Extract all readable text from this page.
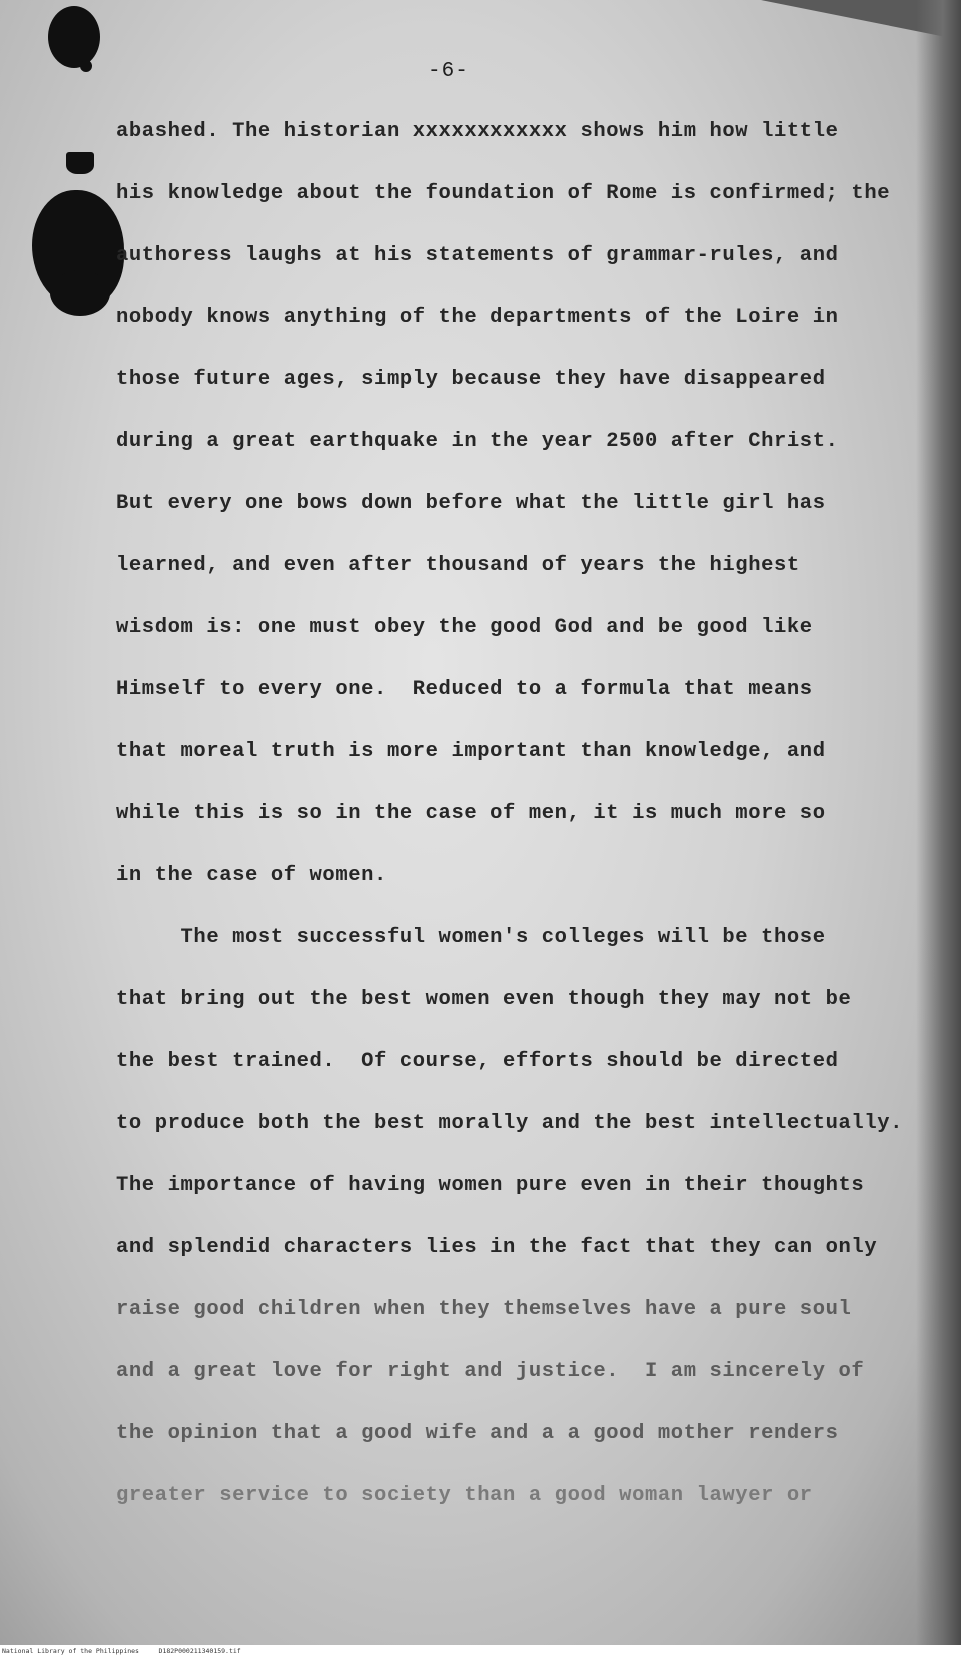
-6-
abashed. The historian xxxxxxxxxxxx shows him how little
his knowledge about the foundation of Rome is confirmed; the
authoress laughs at his statements of grammar-rules, and
nobody knows anything of the departments of the Loire in
those future ages, simply because they have disappeared
during a great earthquake in the year 2500 after Christ.
But every one bows down before what the little girl has
learned, and even after thousand of years the highest
wisdom is: one must obey the good God and be good like
Himself to every one.  Reduced to a formula that means
that moreal truth is more important than knowledge, and
while this is so in the case of men, it is much more so
in the case of women.
The most successful women's colleges will be those
that bring out the best women even though they may not be
the best trained.  Of course, efforts should be directed
to produce both the best morally and the best intellectually.
The importance of having women pure even in their thoughts
and splendid characters lies in the fact that they can only
raise good children when they themselves have a pure soul
and a great love for right and justice.  I am sincerely of
the opinion that a good wife and a a good mother renders
greater service to society than a good woman lawyer or
National Library of the Philippines     D182P000211340159.tif
